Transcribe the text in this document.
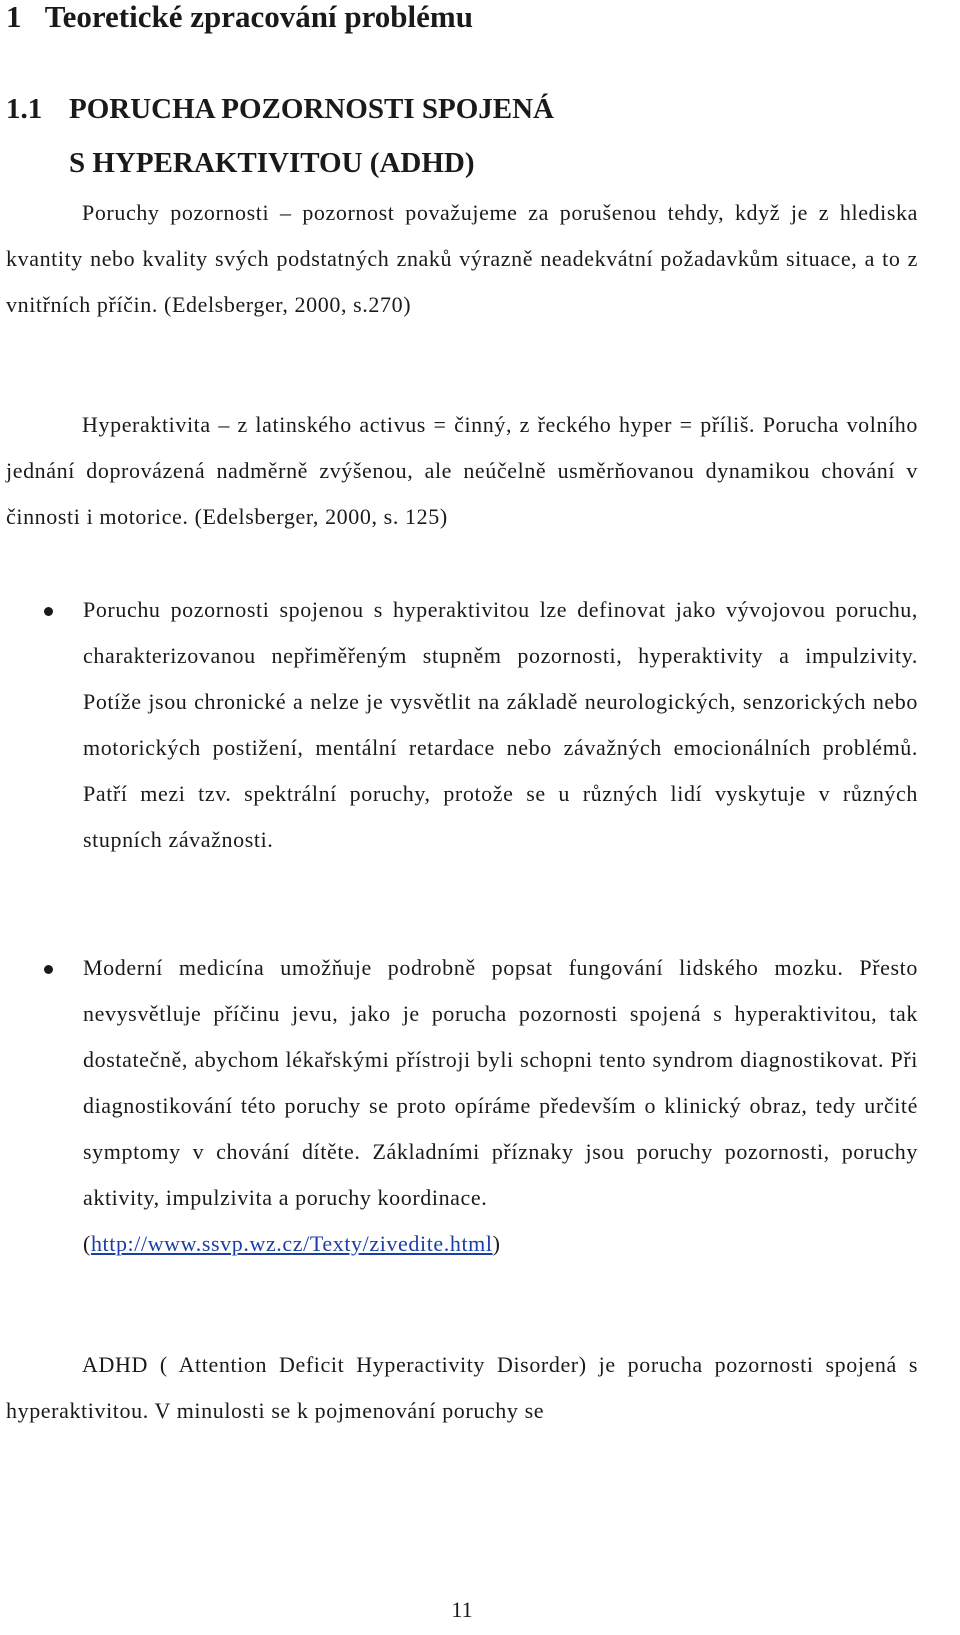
1 Teoretické zpracování problému
1.1 PORUCHA POZORNOSTI SPOJENÁ
S HYPERAKTIVITOU (ADHD)

Poruchy pozornosti – pozornost považujeme za porušenou tehdy, když je z hlediska kvantity nebo kvality svých podstatných znaků výrazně neadekvátní požadavkům situace, a to z vnitřních příčin. (Edelsberger, 2000, s.270)

Hyperaktivita – z latinského activus = činný, z řeckého hyper = příliš. Porucha volního jednání doprovázená nadměrně zvýšenou, ale neúčelně usměrňovanou dynamikou chování v činnosti i motorice. (Edelsberger, 2000, s. 125)

Poruchu pozornosti spojenou s hyperaktivitou lze definovat jako vývojovou poruchu, charakterizovanou nepřiměřeným stupněm pozornosti, hyperaktivity a impulzivity. Potíže jsou chronické a nelze je vysvětlit na základě neurologických, senzorických nebo motorických postižení, mentální retardace nebo závažných emocionálních problémů. Patří mezi tzv. spektrální poruchy, protože se u různých lidí vyskytuje v různých stupních závažnosti.

Moderní medicína umožňuje podrobně popsat fungování lidského mozku. Přesto nevysvětluje příčinu jevu, jako je porucha pozornosti spojená s hyperaktivitou, tak dostatečně, abychom lékařskými přístroji byli schopni tento syndrom diagnostikovat. Při diagnostikování této poruchy se proto opíráme především o klinický obraz, tedy určité symptomy v chování dítěte. Základními příznaky jsou poruchy pozornosti, poruchy aktivity, impulzivita a poruchy koordinace.
(http://www.ssvp.wz.cz/Texty/zivedite.html)

ADHD ( Attention Deficit Hyperactivity Disorder) je porucha pozornosti spojená s hyperaktivitou. V minulosti se k pojmenování poruchy se

11
